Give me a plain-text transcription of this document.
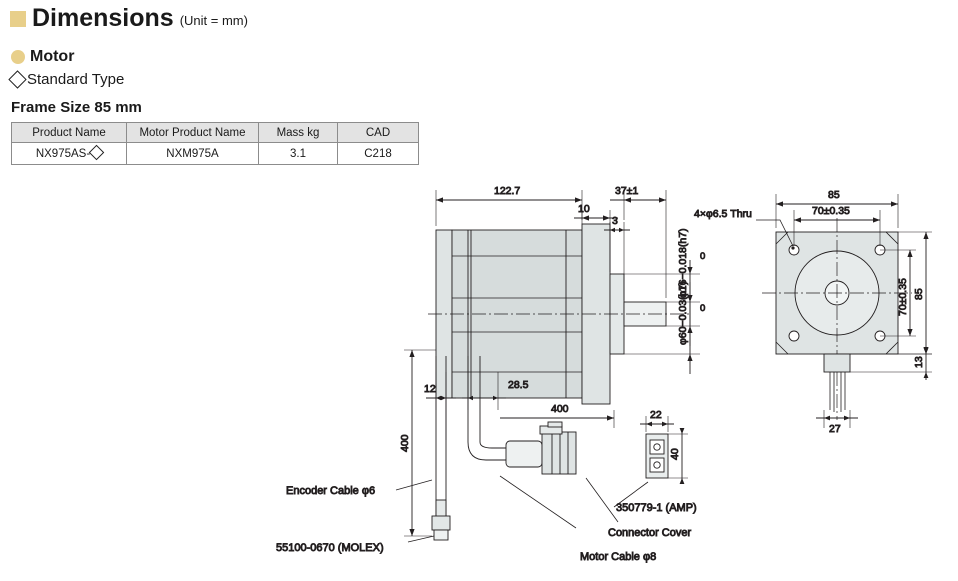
Dimensions (Unit = mm)
Motor
Standard Type
Frame Size 85 mm
Product Name	Motor Product Name	Mass kg	CAD
NX975AS-	NXM975A	3.1	C218
122.7	37±1
10
3
φ16−0.018(h7) 0
φ60−0.03(h7) 0
22
40
400
400
12	28.5
85
70±0.35
70±0.35 85
13
27
4×φ6.5 Thru
Encoder Cable φ6
55100-0670 (MOLEX)
350779-1 (AMP)
Connector Cover
Motor Cable φ8
